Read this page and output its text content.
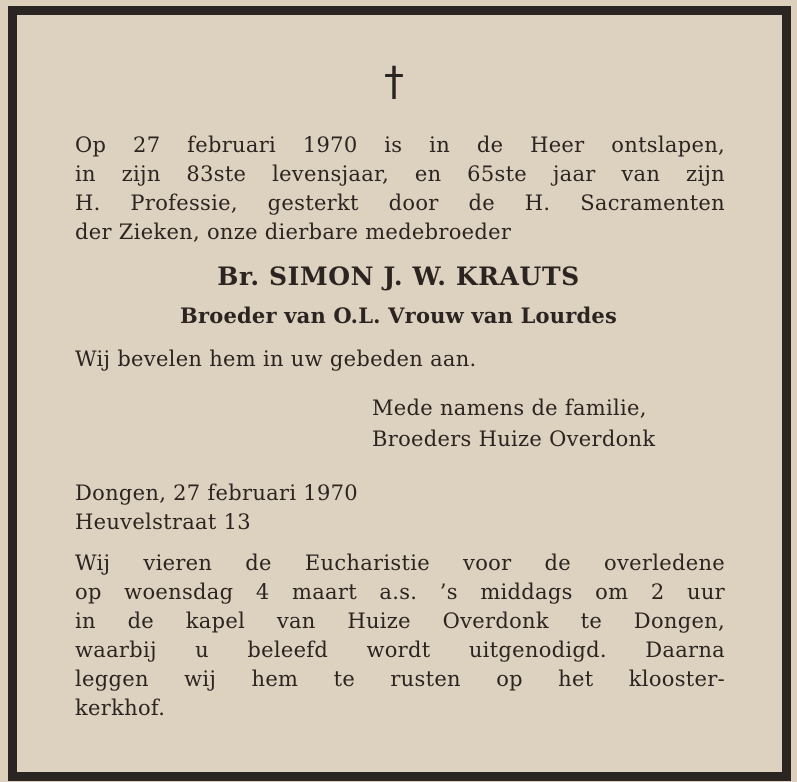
†
Op 27 februari 1970 is in de Heer ontslapen,
in zijn 83ste levensjaar, en 65ste jaar van zijn
H. Professie, gesterkt door de H. Sacramenten
der Zieken, onze dierbare medebroeder
Br. SIMON J. W. KRAUTS
Broeder van O.L. Vrouw van Lourdes
Wij bevelen hem in uw gebeden aan.
Mede namens de familie,
Broeders Huize Overdonk
Dongen, 27 februari 1970
Heuvelstraat 13
Wij vieren de Eucharistie voor de overledene
op woensdag 4 maart a.s. ’s middags om 2 uur
in de kapel van Huize Overdonk te Dongen,
waarbij u beleefd wordt uitgenodigd. Daarna
leggen wij hem te rusten op het klooster-
kerkhof.
